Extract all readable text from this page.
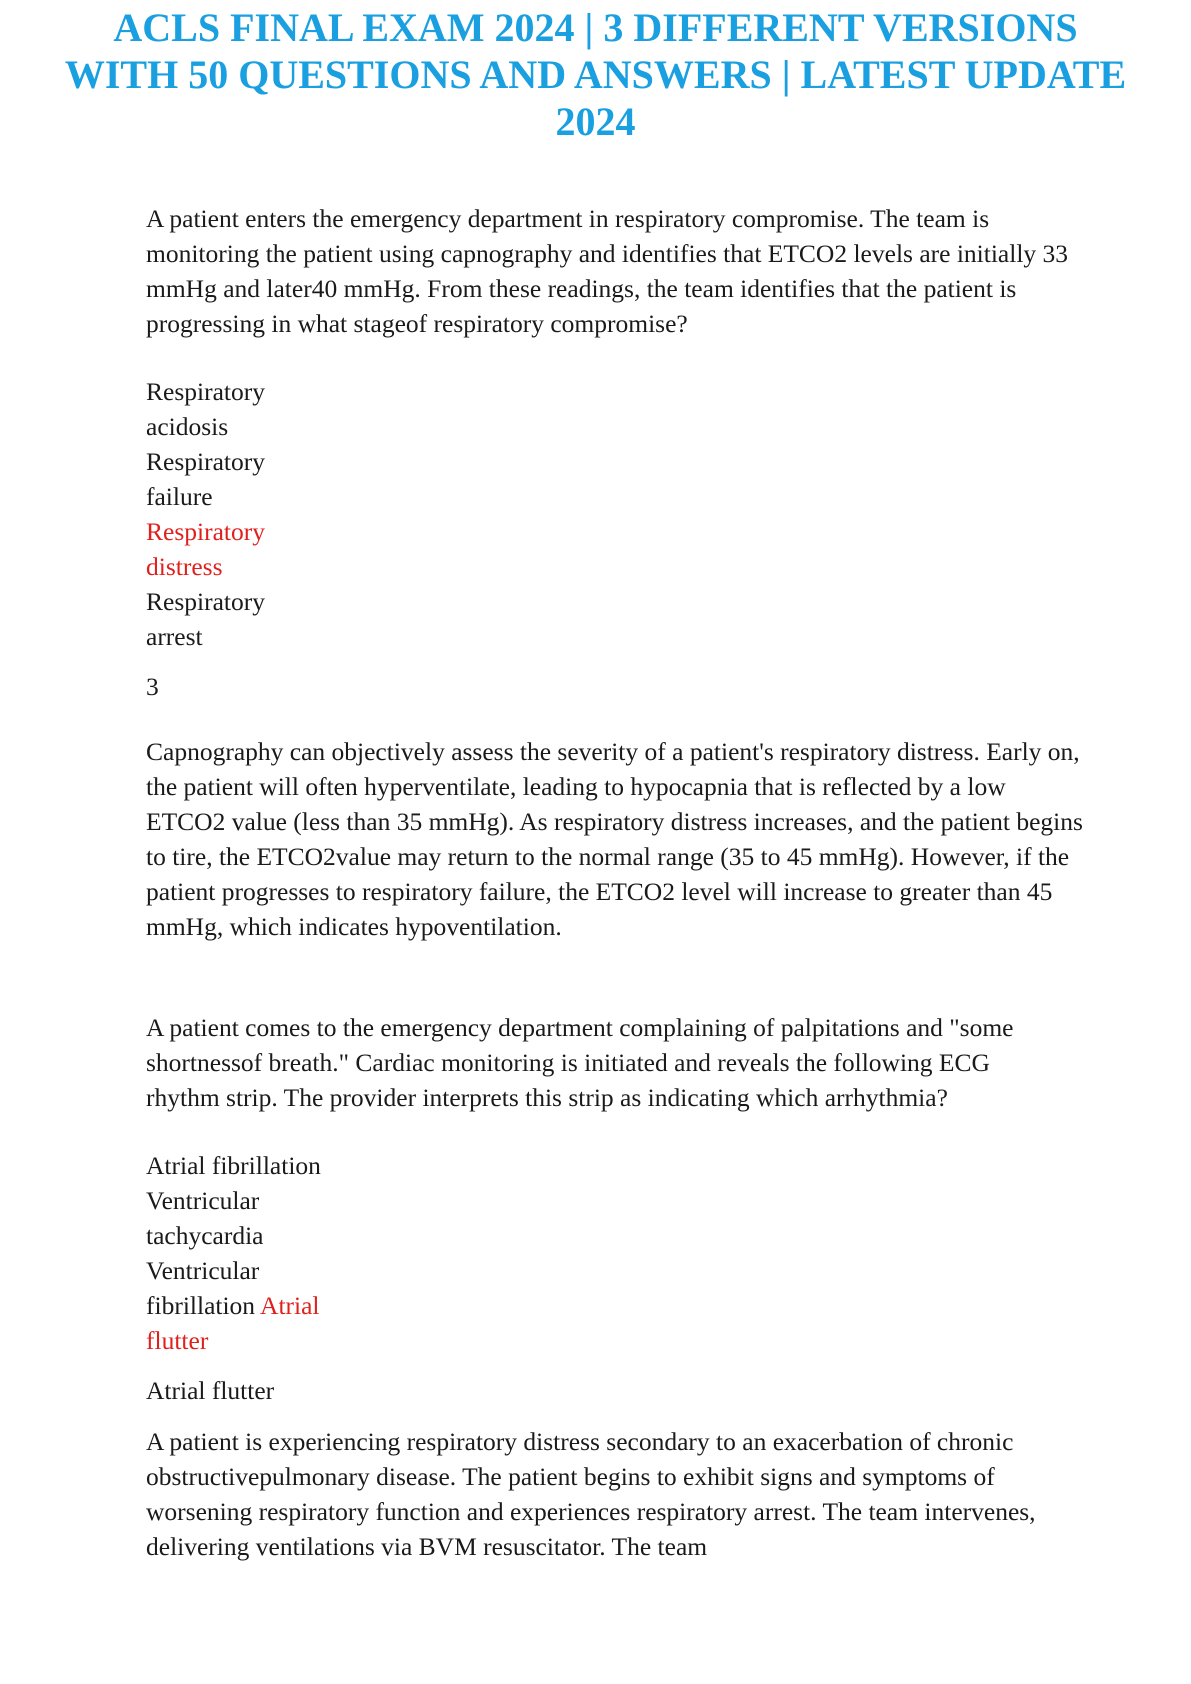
ACLS FINAL EXAM 2024 | 3 DIFFERENT VERSIONS WITH 50 QUESTIONS AND ANSWERS | LATEST UPDATE 2024

A patient enters the emergency department in respiratory compromise. The team is monitoring the patient using capnography and identifies that ETCO2 levels are initially 33 mmHg and later40 mmHg. From these readings, the team identifies that the patient is progressing in what stageof respiratory compromise?

Respiratory acidosis
Respiratory failure
Respiratory distress
Respiratory arrest

3

Capnography can objectively assess the severity of a patient's respiratory distress. Early on, the patient will often hyperventilate, leading to hypocapnia that is reflected by a low ETCO2 value (less than 35 mmHg). As respiratory distress increases, and the patient begins to tire, the ETCO2value may return to the normal range (35 to 45 mmHg). However, if the patient progresses to respiratory failure, the ETCO2 level will increase to greater than 45 mmHg, which indicates hypoventilation.

A patient comes to the emergency department complaining of palpitations and "some shortnessof breath." Cardiac monitoring is initiated and reveals the following ECG rhythm strip. The provider interprets this strip as indicating which arrhythmia?

Atrial fibrillation Ventricular tachycardia Ventricular fibrillation Atrial flutter

Atrial flutter

A patient is experiencing respiratory distress secondary to an exacerbation of chronic obstructivepulmonary disease. The patient begins to exhibit signs and symptoms of worsening respiratory function and experiences respiratory arrest. The team intervenes, delivering ventilations via BVM resuscitator. The team
